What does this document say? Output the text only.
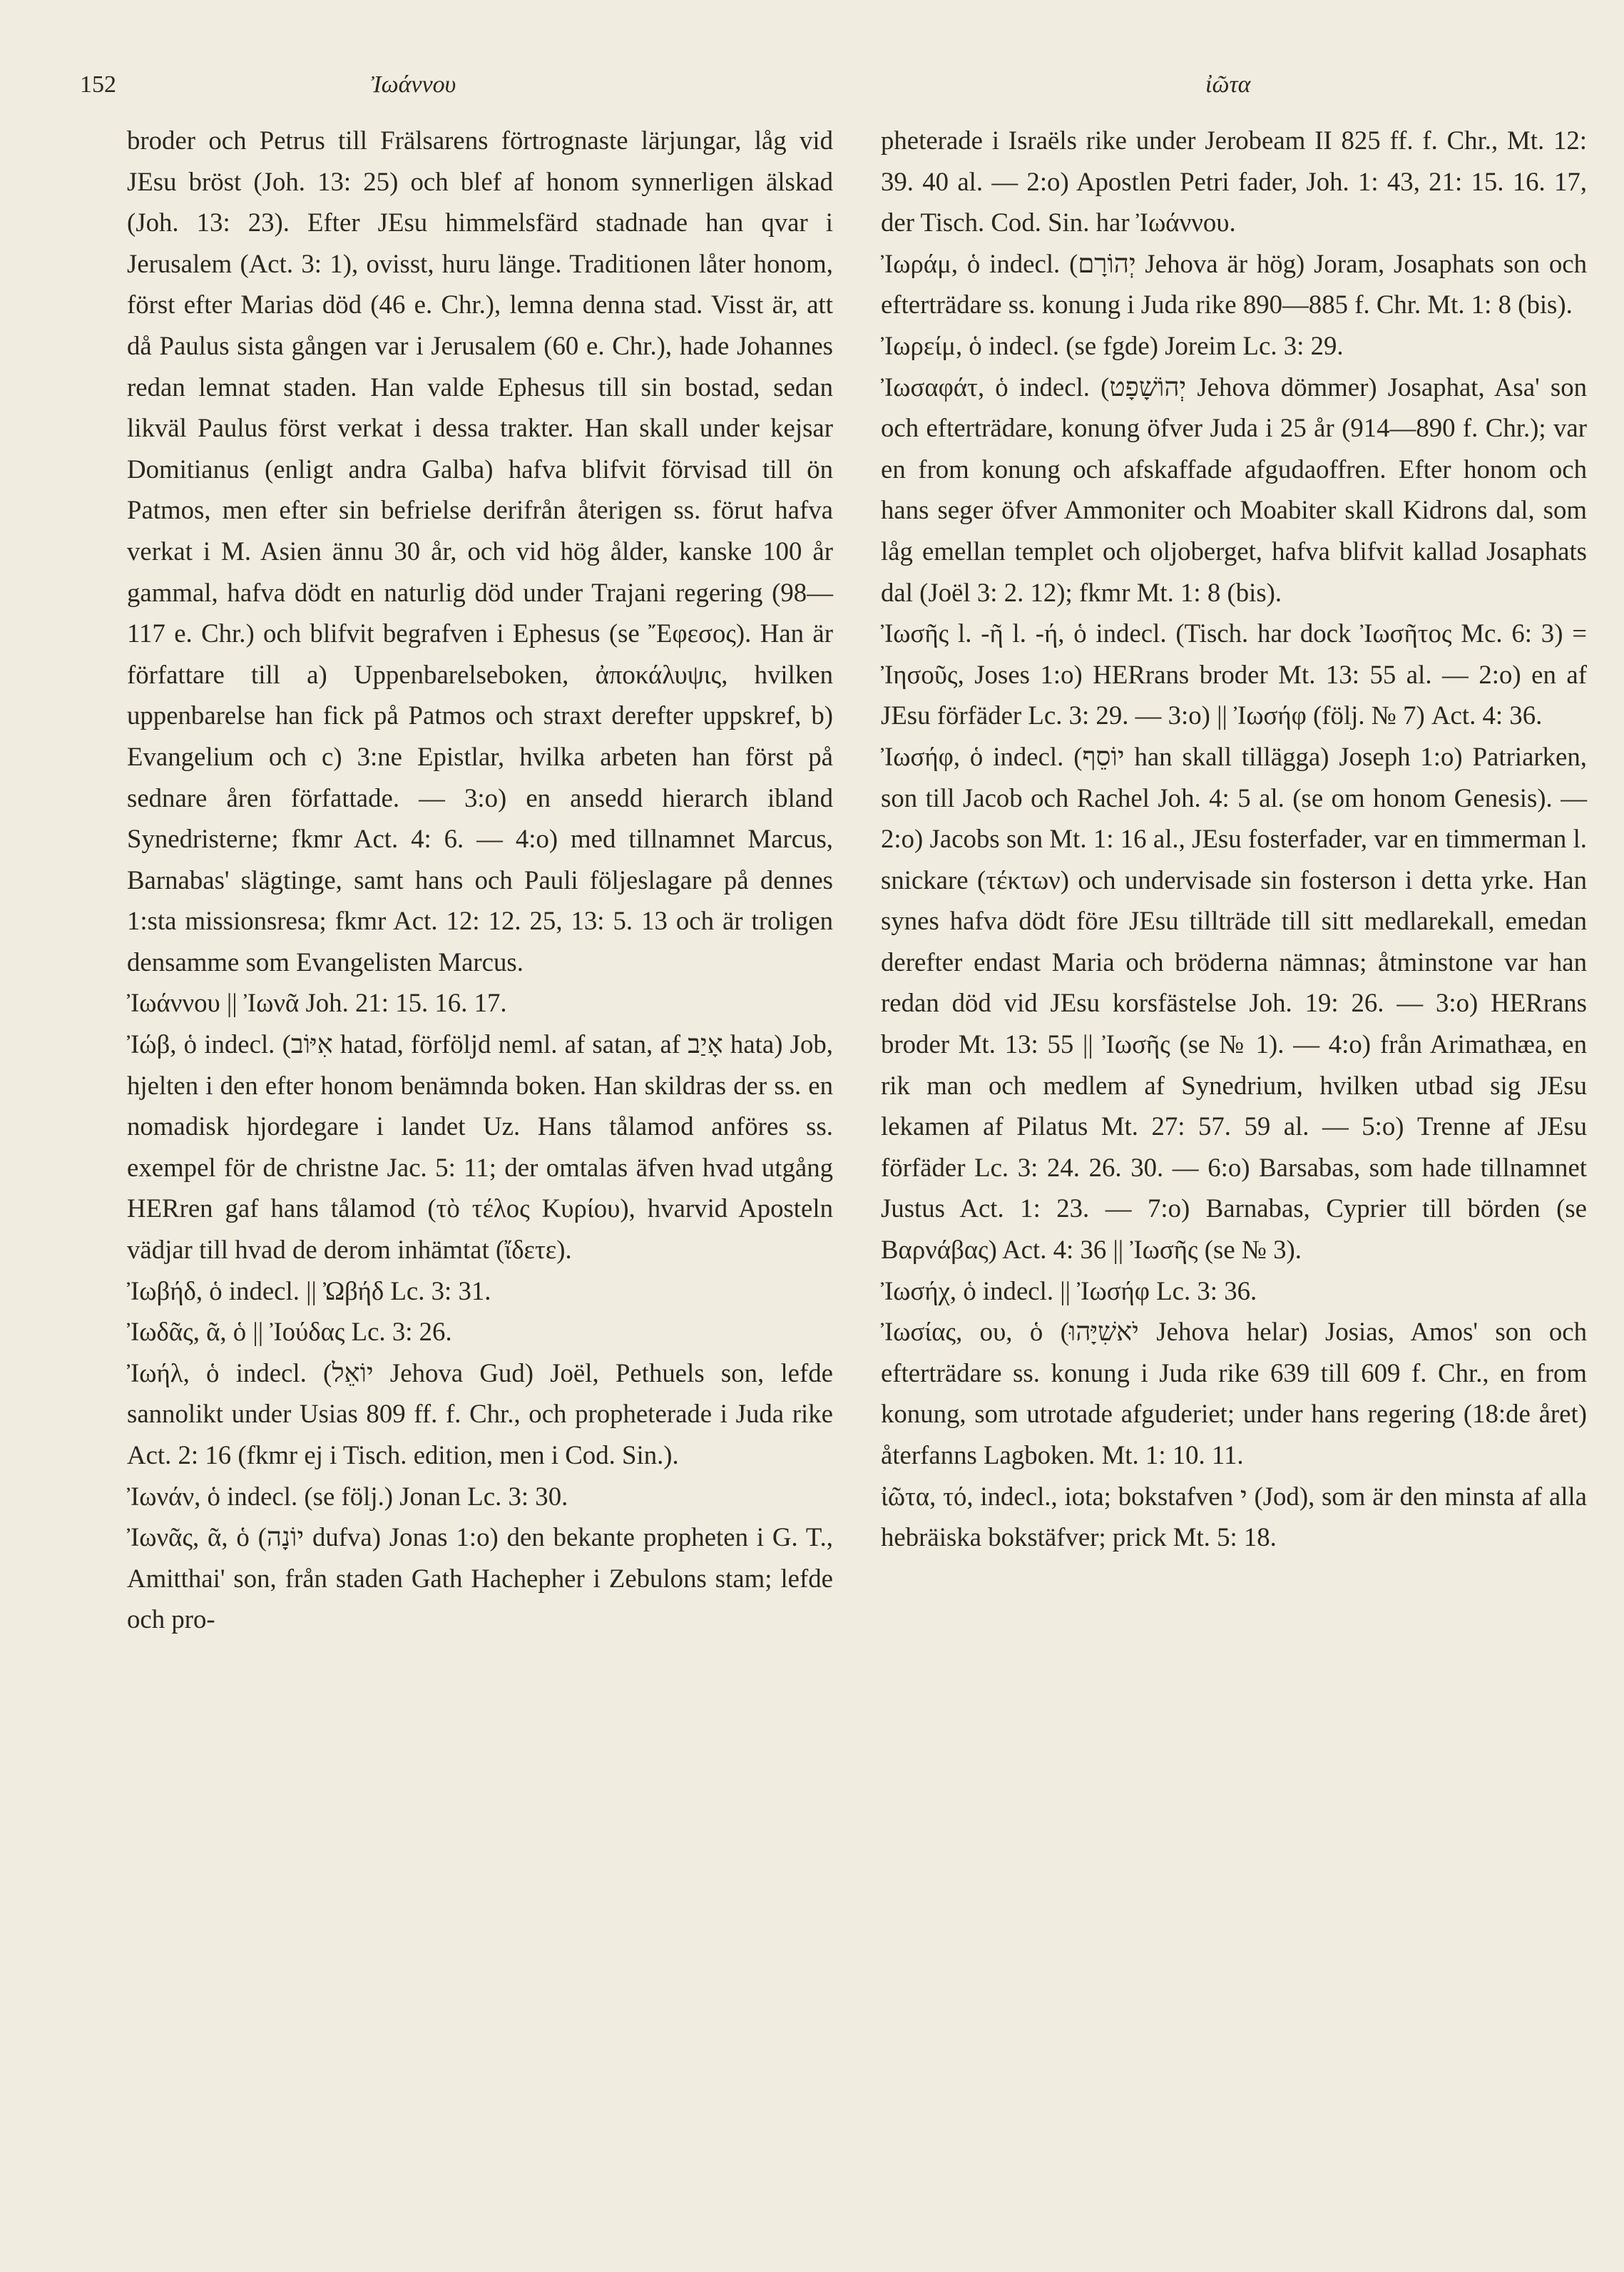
152	Ἰωάννου	ἰῶτα

broder och Petrus till Frälsarens förtrognaste lärjungar, låg vid JEsu bröst (Joh. 13: 25) och blef af honom synnerligen älskad (Joh. 13: 23). Efter JEsu himmelsfärd stadnade han qvar i Jerusalem (Act. 3: 1), ovisst, huru länge. Traditionen låter honom, först efter Marias död (46 e. Chr.), lemna denna stad. Visst är, att då Paulus sista gången var i Jerusalem (60 e. Chr.), hade Johannes redan lemnat staden. Han valde Ephesus till sin bostad, sedan likväl Paulus först verkat i dessa trakter. Han skall under kejsar Domitianus (enligt andra Galba) hafva blifvit förvisad till ön Patmos, men efter sin befrielse derifrån återigen ss. förut hafva verkat i M. Asien ännu 30 år, och vid hög ålder, kanske 100 år gammal, hafva dödt en naturlig död under Trajani regering (98—117 e. Chr.) och blifvit begrafven i Ephesus (se Ἔφεσος). Han är författare till a) Uppenbarelseboken, ἀποκάλυψις, hvilken uppenbarelse han fick på Patmos och straxt derefter uppskref, b) Evangelium och c) 3:ne Epistlar, hvilka arbeten han först på sednare åren författade. — 3:o) en ansedd hierarch ibland Synedristerne; fkmr Act. 4: 6. — 4:o) med tillnamnet Marcus, Barnabas' slägtinge, samt hans och Pauli följeslagare på dennes 1:sta missionsresa; fkmr Act. 12: 12. 25, 13: 5. 13 och är troligen densamme som Evangelisten Marcus.

Ἰωάννου || Ἰωνᾶ Joh. 21: 15. 16. 17.

Ἰώβ, ὁ indecl. (אִיּוֹב hatad, förföljd neml. af satan, af אָיַב hata) Job, hjelten i den efter honom benämnda boken. Han skildras der ss. en nomadisk hjordegare i landet Uz. Hans tålamod anföres ss. exempel för de christne Jac. 5: 11; der omtalas äfven hvad utgång HERren gaf hans tålamod (τὸ τέλος Κυρίου), hvarvid Aposteln vädjar till hvad de derom inhämtat (ἴδετε).

Ἰωβήδ, ὁ indecl. || Ὠβήδ Lc. 3: 31.

Ἰωδᾶς, ᾶ, ὁ || Ἰούδας Lc. 3: 26.

Ἰωήλ, ὁ indecl. (יוֹאֵל Jehova Gud) Joël, Pethuels son, lefde sannolikt under Usias 809 ff. f. Chr., och propheterade i Juda rike Act. 2: 16 (fkmr ej i Tisch. edition, men i Cod. Sin.).

Ἰωνάν, ὁ indecl. (se följ.) Jonan Lc. 3: 30.

Ἰωνᾶς, ᾶ, ὁ (יוֹנָה dufva) Jonas 1:o) den bekante propheten i G. T., Amitthai' son, från staden Gath Hachepher i Zebulons stam; lefde och pro-

pheterade i Israëls rike under Jerobeam II 825 ff. f. Chr., Mt. 12: 39. 40 al. — 2:o) Apostlen Petri fader, Joh. 1: 43, 21: 15. 16. 17, der Tisch. Cod. Sin. har Ἰωάννου.

Ἰωράμ, ὁ indecl. (יְהוֹרָם Jehova är hög) Joram, Josaphats son och efterträdare ss. konung i Juda rike 890—885 f. Chr. Mt. 1: 8 (bis).

Ἰωρείμ, ὁ indecl. (se fgde) Joreim Lc. 3: 29.

Ἰωσαφάτ, ὁ indecl. (יְהוֹשָׁפָט Jehova dömmer) Josaphat, Asa' son och efterträdare, konung öfver Juda i 25 år (914—890 f. Chr.); var en from konung och afskaffade afgudaoffren. Efter honom och hans seger öfver Ammoniter och Moabiter skall Kidrons dal, som låg emellan templet och oljoberget, hafva blifvit kallad Josaphats dal (Joël 3: 2. 12); fkmr Mt. 1: 8 (bis).

Ἰωσῆς l. -ῆ l. -ή, ὁ indecl. (Tisch. har dock Ἰωσῆτος Mc. 6: 3) = Ἰησοῦς, Joses 1:o) HERrans broder Mt. 13: 55 al. — 2:o) en af JEsu förfäder Lc. 3: 29. — 3:o) || Ἰωσήφ (följ. № 7) Act. 4: 36.

Ἰωσήφ, ὁ indecl. (יוֹסֵף han skall tillägga) Joseph 1:o) Patriarken, son till Jacob och Rachel Joh. 4: 5 al. (se om honom Genesis). — 2:o) Jacobs son Mt. 1: 16 al., JEsu fosterfader, var en timmerman l. snickare (τέκτων) och undervisade sin fosterson i detta yrke. Han synes hafva dödt före JEsu tillträde till sitt medlarekall, emedan derefter endast Maria och bröderna nämnas; åtminstone var han redan död vid JEsu korsfästelse Joh. 19: 26. — 3:o) HERrans broder Mt. 13: 55 || Ἰωσῆς (se № 1). — 4:o) från Arimathæa, en rik man och medlem af Synedrium, hvilken utbad sig JEsu lekamen af Pilatus Mt. 27: 57. 59 al. — 5:o) Trenne af JEsu förfäder Lc. 3: 24. 26. 30. — 6:o) Barsabas, som hade tillnamnet Justus Act. 1: 23. — 7:o) Barnabas, Cyprier till börden (se Βαρνάβας) Act. 4: 36 || Ἰωσῆς (se № 3).

Ἰωσήχ, ὁ indecl. || Ἰωσήφ Lc. 3: 36.

Ἰωσίας, ου, ὁ (יֹאשִׁיָּהוּ Jehova helar) Josias, Amos' son och efterträdare ss. konung i Juda rike 639 till 609 f. Chr., en from konung, som utrotade afguderiet; under hans regering (18:de året) återfanns Lagboken. Mt. 1: 10. 11.

ἰῶτα, τό, indecl., iota; bokstafven י (Jod), som är den minsta af alla hebräiska bokstäfver; prick Mt. 5: 18.
